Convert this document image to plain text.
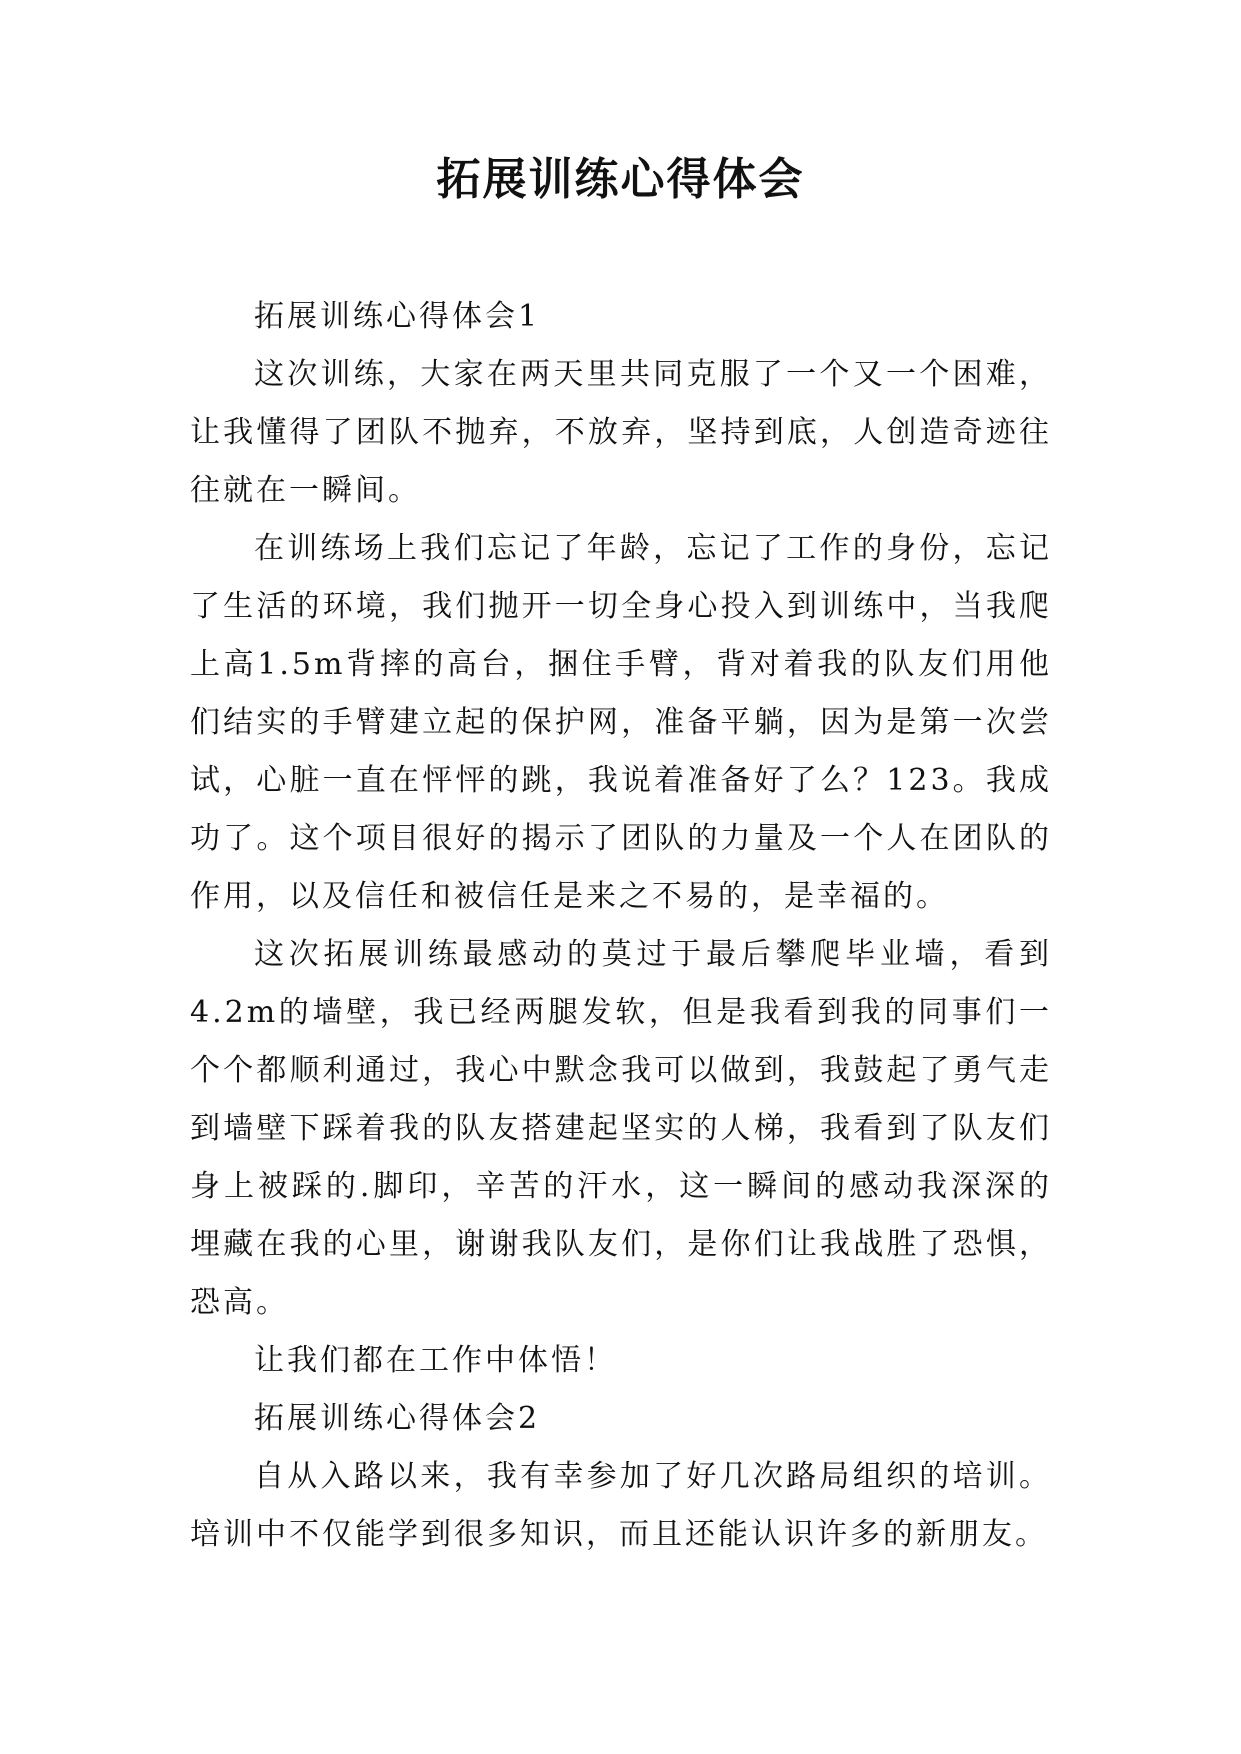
拓展训练心得体会

拓展训练心得体会1

这次训练，大家在两天里共同克服了一个又一个困难，让我懂得了团队不抛弃，不放弃，坚持到底，人创造奇迹往往就在一瞬间。

在训练场上我们忘记了年龄，忘记了工作的身份，忘记了生活的环境，我们抛开一切全身心投入到训练中，当我爬上高1.5m背摔的高台，捆住手臂，背对着我的队友们用他们结实的手臂建立起的保护网，准备平躺，因为是第一次尝试，心脏一直在怦怦的跳，我说着准备好了么？123。我成功了。这个项目很好的揭示了团队的力量及一个人在团队的作用，以及信任和被信任是来之不易的，是幸福的。

这次拓展训练最感动的莫过于最后攀爬毕业墙，看到4.2m的墙壁，我已经两腿发软，但是我看到我的同事们一个个都顺利通过，我心中默念我可以做到，我鼓起了勇气走到墙壁下踩着我的队友搭建起坚实的人梯，我看到了队友们身上被踩的.脚印，辛苦的汗水，这一瞬间的感动我深深的埋藏在我的心里，谢谢我队友们，是你们让我战胜了恐惧，恐高。

让我们都在工作中体悟！

拓展训练心得体会2

自从入路以来，我有幸参加了好几次路局组织的培训。培训中不仅能学到很多知识，而且还能认识许多的新朋友。
